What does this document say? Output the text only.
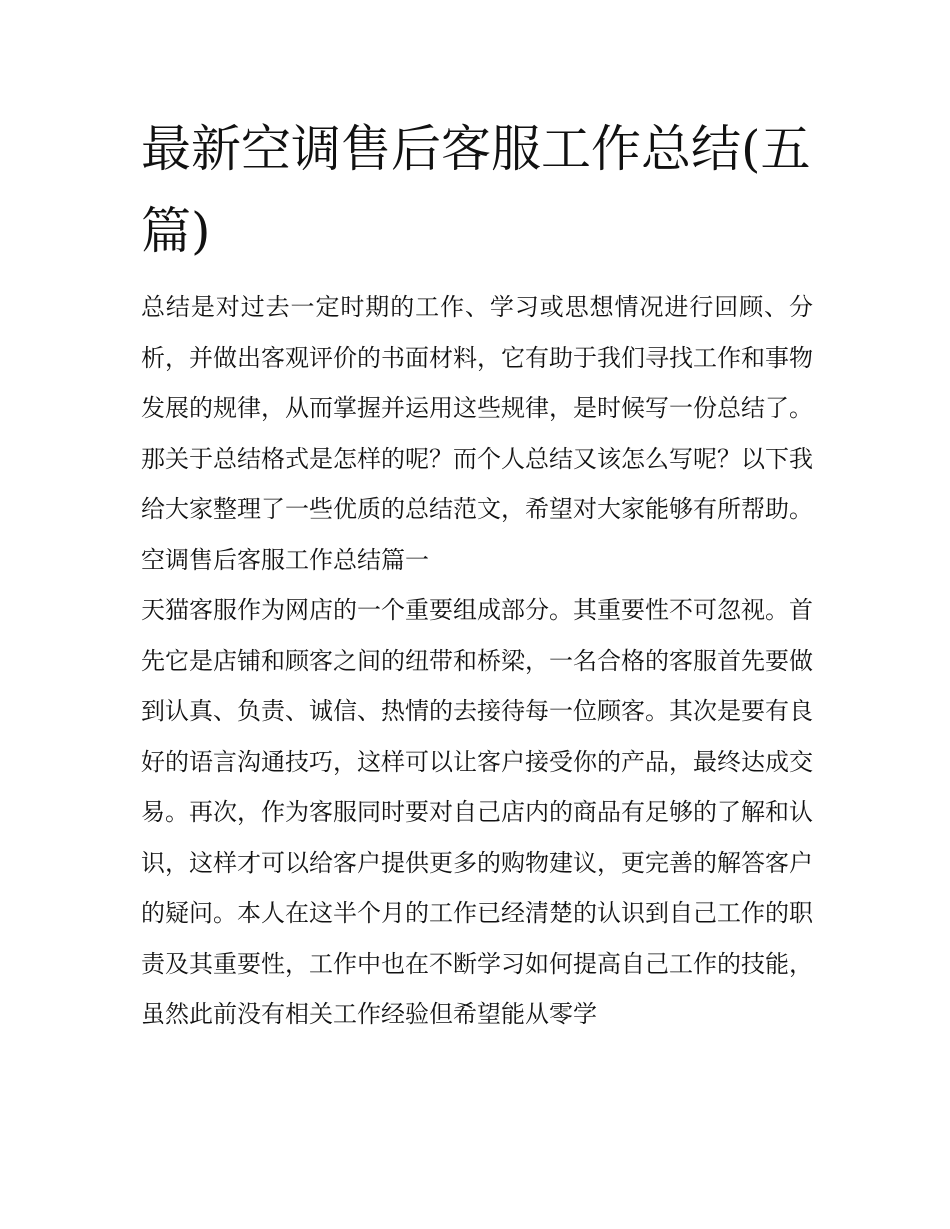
最新空调售后客服工作总结(五篇)

总结是对过去一定时期的工作、学习或思想情况进行回顾、分析，并做出客观评价的书面材料，它有助于我们寻找工作和事物发展的规律，从而掌握并运用这些规律，是时候写一份总结了。那关于总结格式是怎样的呢？而个人总结又该怎么写呢？以下我给大家整理了一些优质的总结范文，希望对大家能够有所帮助。

空调售后客服工作总结篇一

天猫客服作为网店的一个重要组成部分。其重要性不可忽视。首先它是店铺和顾客之间的纽带和桥梁，一名合格的客服首先要做到认真、负责、诚信、热情的去接待每一位顾客。其次是要有良好的语言沟通技巧，这样可以让客户接受你的产品，最终达成交易。再次，作为客服同时要对自己店内的商品有足够的了解和认识，这样才可以给客户提供更多的购物建议，更完善的解答客户的疑问。本人在这半个月的工作已经清楚的认识到自己工作的职责及其重要性，工作中也在不断学习如何提高自己工作的技能，虽然此前没有相关工作经验但希望能从零学
